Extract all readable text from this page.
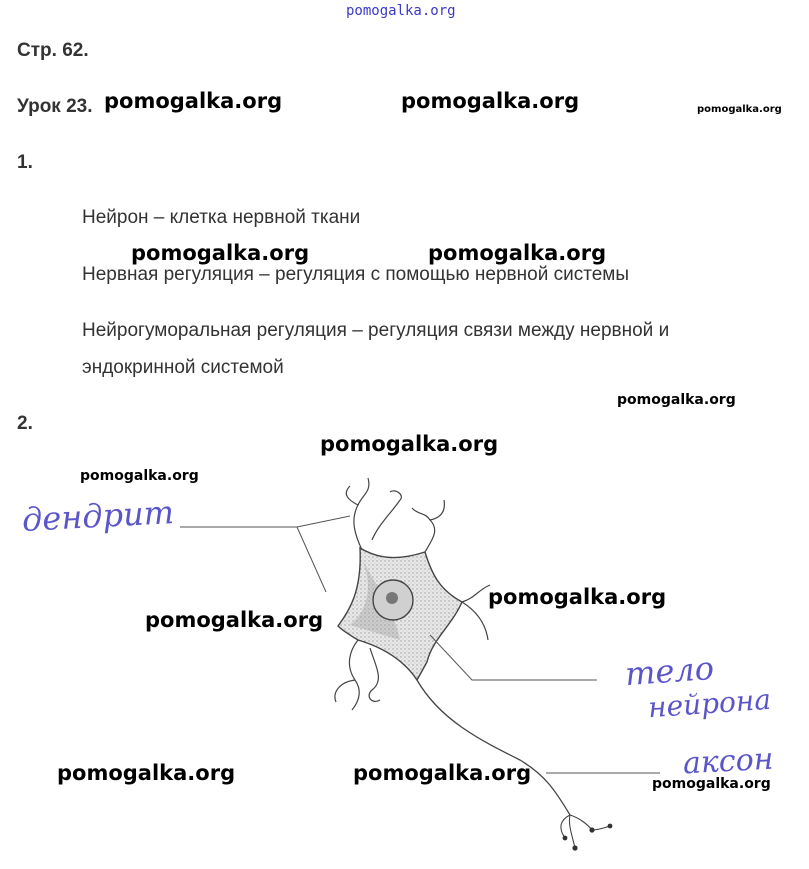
pomogalka.org
Стр. 62.
Урок 23.
1.
Нейрон – клетка нервной ткани
Нервная регуляция – регуляция с помощью нервной системы
Нейрогуморальная регуляция – регуляция связи между нервной и
эндокринной системой
2.
дендрит
тело
нейрона
аксон
pomogalka.org	pomogalka.org	pomogalka.org
pomogalka.org	pomogalka.org
pomogalka.org
pomogalka.org
pomogalka.org
pomogalka.org
pomogalka.org
pomogalka.org	pomogalka.org	pomogalka.org
